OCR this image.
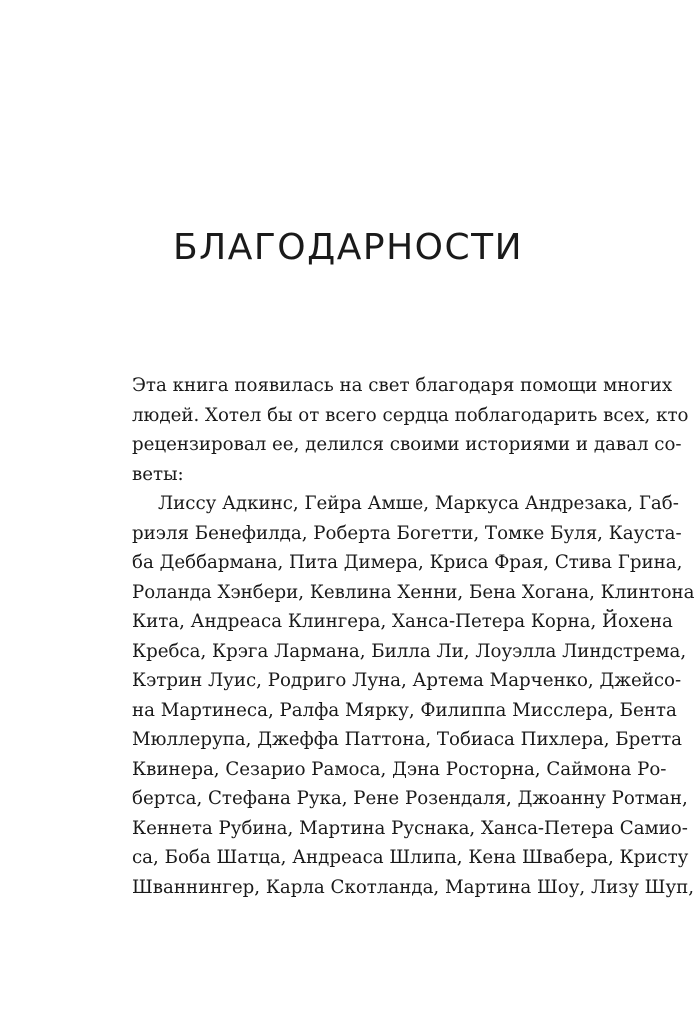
БЛАГОДАРНОСТИ
Эта книга появилась на свет благодаря помощи многих
людей. Хотел бы от всего сердца поблагодарить всех, кто
рецензировал ее, делился своими историями и давал со-
веты:
Лиссу Адкинс, Гейра Амше, Маркуса Андрезака, Габ-
риэля Бенефилда, Роберта Богетти, Томке Буля, Кауста-
ба Деббармана, Пита Димера, Криса Фрая, Стива Грина,
Роланда Хэнбери, Кевлина Хенни, Бена Хогана, Клинтона
Кита, Андреаса Клингера, Ханса-Петера Корна, Йохена
Кребса, Крэга Лармана, Билла Ли, Лоуэлла Линдстрема,
Кэтрин Луис, Родриго Луна, Артема Марченко, Джейсо-
на Мартинеса, Ралфа Мярку, Филиппа Мисслера, Бента
Мюллерупа, Джеффа Паттона, Тобиаса Пихлера, Бретта
Квинера, Сезарио Рамоса, Дэна Росторна, Саймона Ро-
бертса, Стефана Рука, Рене Розендаля, Джоанну Ротман,
Кеннета Рубина, Мартина Руснака, Ханса-Петера Самио-
са, Боба Шатца, Андреаса Шлипа, Кена Швабера, Кристу
Шваннингер, Карла Скотланда, Мартина Шоу, Лизу Шуп,
